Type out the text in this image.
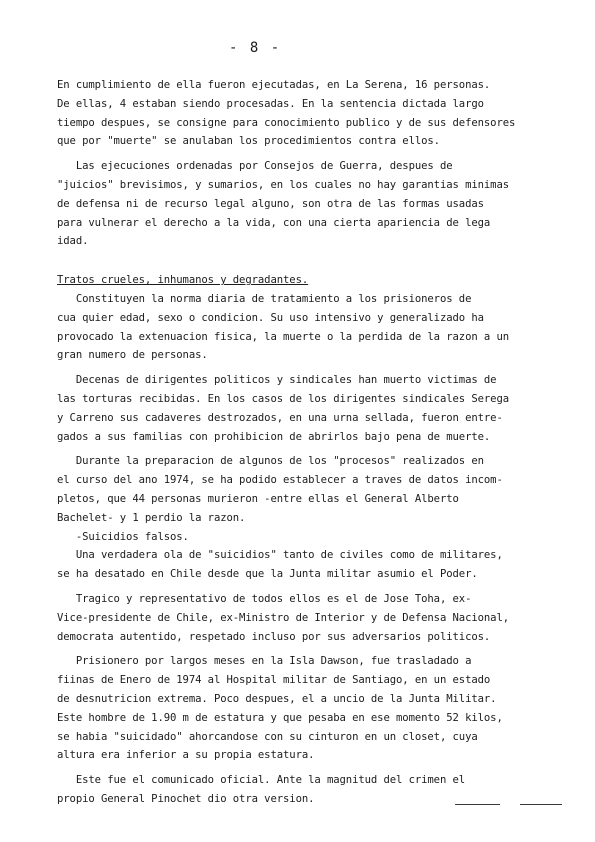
- 8 -
En cumplimiento de ella fueron ejecutadas, en La Serena, 16 personas.
De ellas, 4 estaban siendo procesadas. En la sentencia dictada largo
tiempo despues, se consigne para conocimiento publico y de sus defensores
que por "muerte" se anulaban los procedimientos contra ellos.
Las ejecuciones ordenadas por Consejos de Guerra, despues de
"juicios" brevisimos, y sumarios, en los cuales no hay garantias minimas
de defensa ni de recurso legal alguno, son otra de las formas usadas
para vulnerar el derecho a la vida, con una cierta apariencia de lega
idad.
Tratos crueles, inhumanos y degradantes.
Constituyen la norma diaria de tratamiento a los prisioneros de
cua quier edad, sexo o condicion. Su uso intensivo y generalizado ha
provocado la extenuacion fisica, la muerte o la perdida de la razon a un
gran numero de personas.
Decenas de dirigentes politicos y sindicales han muerto victimas de
las torturas recibidas. En los casos de los dirigentes sindicales Serega
y Carreno sus cadaveres destrozados, en una urna sellada, fueron entre-
gados a sus familias con prohibicion de abrirlos bajo pena de muerte.
Durante la preparacion de algunos de los "procesos" realizados en
el curso del ano 1974, se ha podido establecer a traves de datos incom-
pletos, que 44 personas murieron -entre ellas el General Alberto
Bachelet- y 1 perdio la razon.
-Suicidios falsos.
Una verdadera ola de "suicidios" tanto de civiles como de militares,
se ha desatado en Chile desde que la Junta militar asumio el Poder.
Tragico y representativo de todos ellos es el de Jose Toha, ex-
Vice-presidente de Chile, ex-Ministro de Interior y de Defensa Nacional,
democrata autentido, respetado incluso por sus adversarios politicos.
Prisionero por largos meses en la Isla Dawson, fue trasladado a
fiinas de Enero de 1974 al Hospital militar de Santiago, en un estado
de desnutricion extrema. Poco despues, el a uncio de la Junta Militar.
Este hombre de 1.90 m de estatura y que pesaba en ese momento 52 kilos,
se habia "suicidado" ahorcandose con su cinturon en un closet, cuya
altura era inferior a su propia estatura.
Este fue el comunicado oficial. Ante la magnitud del crimen el
propio General Pinochet dio otra version.
